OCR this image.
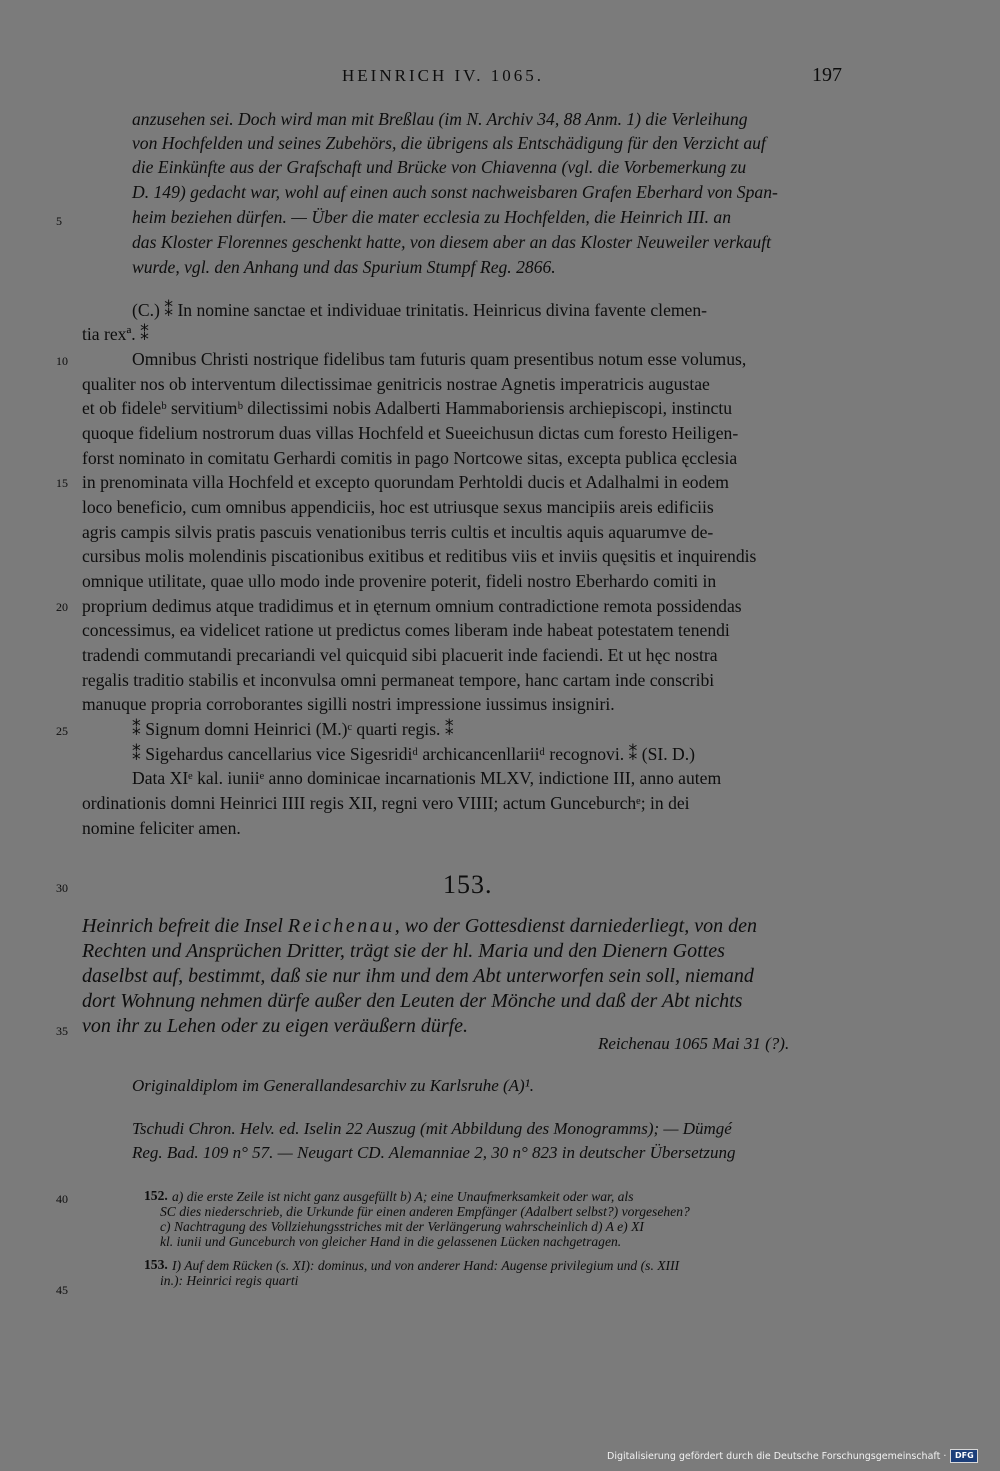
HEINRICH IV. 1065.	197
anzusehen sei. Doch wird man mit Breßlau (im N. Archiv 34, 88 Anm. 1) die Verleihung
von Hochfelden und seines Zubehörs, die übrigens als Entschädigung für den Verzicht auf
die Einkünfte aus der Grafschaft und Brücke von Chiavenna (vgl. die Vorbemerkung zu
D. 149) gedacht war, wohl auf einen auch sonst nachweisbaren Grafen Eberhard von Span-
heim beziehen dürfen. — Über die mater ecclesia zu Hochfelden, die Heinrich III. an
das Kloster Florennes geschenkt hatte, von diesem aber an das Kloster Neuweiler verkauft
wurde, vgl. den Anhang und das Spurium Stumpf Reg. 2866.
5
10
15
20
25
30
35
40
45
(C.) ⁑ In nomine sanctae et individuae trinitatis. Heinricus divina favente clemen-
tia rexª. ⁑
Omnibus Christi nostrique fidelibus tam futuris quam presentibus notum esse volumus,
qualiter nos ob interventum dilectissimae genitricis nostrae Agnetis imperatricis augustae
et ob fideleᵇ servitiumᵇ dilectissimi nobis Adalberti Hammaboriensis archiepiscopi, instinctu
quoque fidelium nostrorum duas villas Hochfeld et Sueeichusun dictas cum foresto Heiligen-
forst nominato in comitatu Gerhardi comitis in pago Nortcowe sitas, excepta publica ęcclesia
in prenominata villa Hochfeld et excepto quorundam Perhtoldi ducis et Adalhalmi in eodem
loco beneficio, cum omnibus appendiciis, hoc est utriusque sexus mancipiis areis edificiis
agris campis silvis pratis pascuis venationibus terris cultis et incultis aquis aquarumve de-
cursibus molis molendinis piscationibus exitibus et reditibus viis et inviis quęsitis et inquirendis
omnique utilitate, quae ullo modo inde provenire poterit, fideli nostro Eberhardo comiti in
proprium dedimus atque tradidimus et in ęternum omnium contradictione remota possidendas
concessimus, ea videlicet ratione ut predictus comes liberam inde habeat potestatem tenendi
tradendi commutandi precariandi vel quicquid sibi placuerit inde faciendi. Et ut hęc nostra
regalis traditio stabilis et inconvulsa omni permaneat tempore, hanc cartam inde conscribi
manuque propria corroborantes sigilli nostri impressione iussimus insigniri.
⁑ Signum domni Heinrici (M.)ᶜ quarti regis. ⁑
⁑ Sigehardus cancellarius vice Sigesridiᵈ archicancenllariiᵈ recognovi. ⁑ (SI. D.)
Data XIᵉ kal. iuniiᵉ anno dominicae incarnationis MLXV, indictione III, anno autem
ordinationis domni Heinrici IIII regis XII, regni vero VIIII; actum Gunceburchᵉ; in dei
nomine feliciter amen.
153.
Heinrich befreit die Insel Reichenau, wo der Gottesdienst darniederliegt, von den
Rechten und Ansprüchen Dritter, trägt sie der hl. Maria und den Dienern Gottes
daselbst auf, bestimmt, daß sie nur ihm und dem Abt unterworfen sein soll, niemand
dort Wohnung nehmen dürfe außer den Leuten der Mönche und daß der Abt nichts
von ihr zu Lehen oder zu eigen veräußern dürfe.
Reichenau 1065 Mai 31 (?).
Originaldiplom im Generallandesarchiv zu Karlsruhe (A)¹.
Tschudi Chron. Helv. ed. Iselin 22 Auszug (mit Abbildung des Monogramms); — Dümgé
Reg. Bad. 109 n° 57. — Neugart CD. Alemanniae 2, 30 n° 823 in deutscher Übersetzung
152. a) die erste Zeile ist nicht ganz ausgefüllt b) A; eine Unaufmerksamkeit oder war, als
SC dies niederschrieb, die Urkunde für einen anderen Empfänger (Adalbert selbst?) vorgesehen?
c) Nachtragung des Vollziehungsstriches mit der Verlängerung wahrscheinlich d) A e) XI
kl. iunii und Gunceburch von gleicher Hand in die gelassenen Lücken nachgetragen.
153. I) Auf dem Rücken (s. XI): dominus, und von anderer Hand: Augense privilegium und (s. XIII
in.): Heinrici regis quarti
Digitalisierung gefördert durch die Deutsche Forschungsgemeinschaft ·	DFG
